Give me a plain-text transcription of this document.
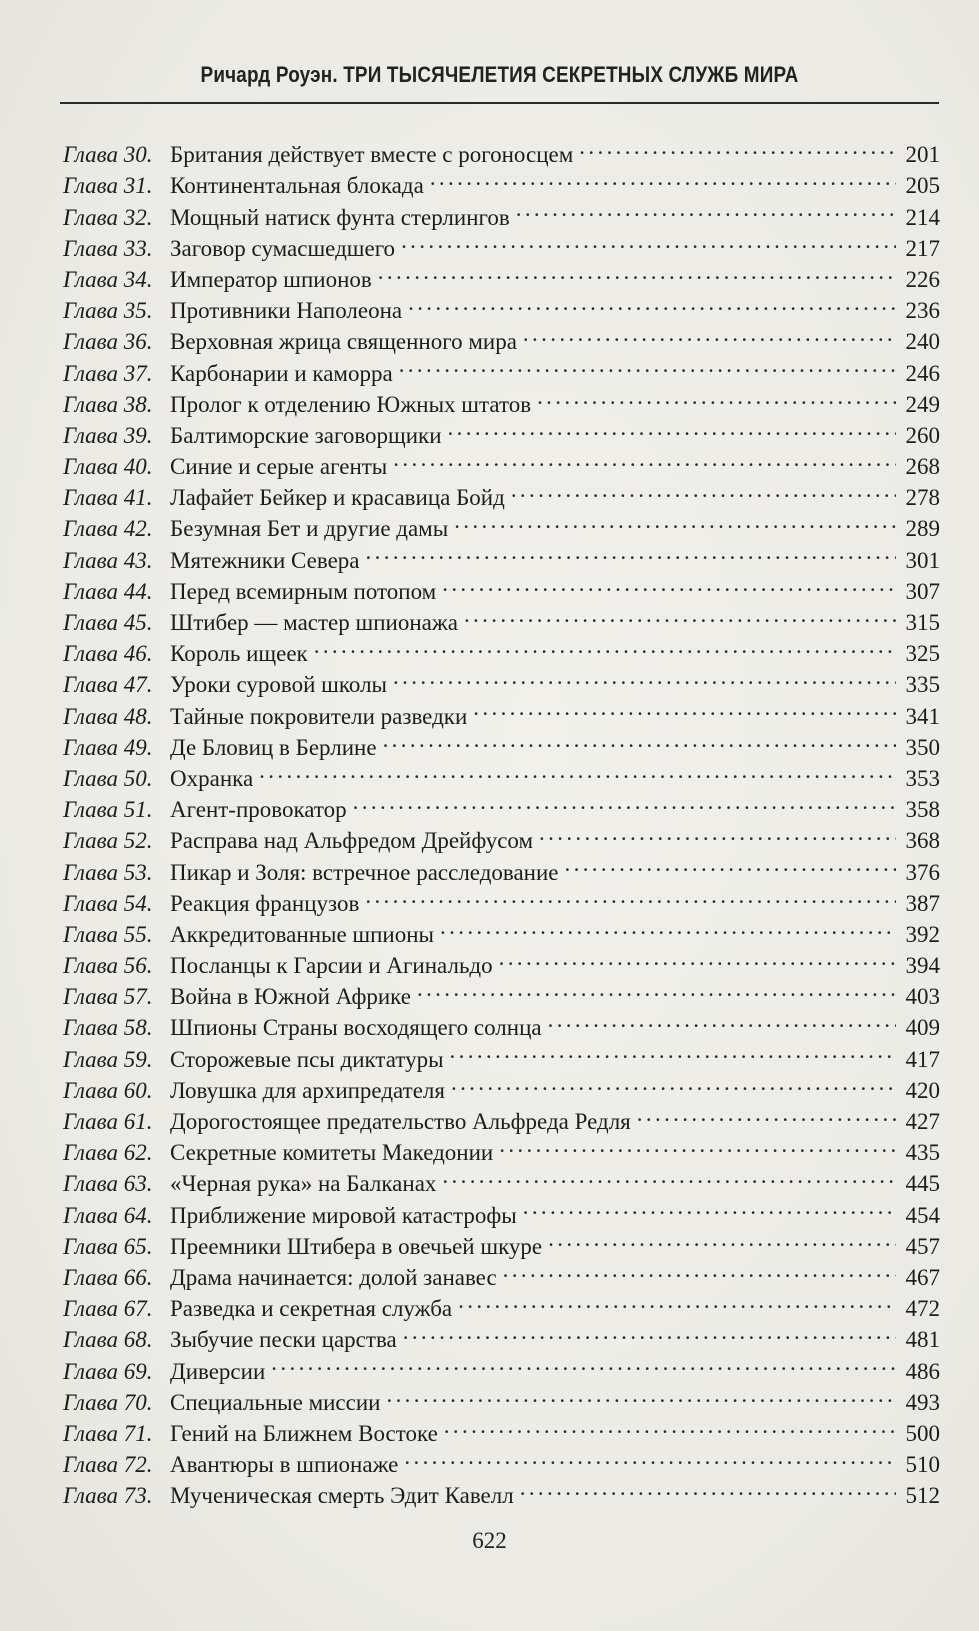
Ричард Роуэн. ТРИ ТЫСЯЧЕЛЕТИЯ СЕКРЕТНЫХ СЛУЖБ МИРА
Глава 30. Британия действует вместе с рогоносцем . . .	201
Глава 31. Континентальная блокада . . .	205
Глава 32. Мощный натиск фунта стерлингов . . .	214
Глава 33. Заговор сумасшедшего . . .	217
Глава 34. Император шпионов . . .	226
Глава 35. Противники Наполеона . . .	236
Глава 36. Верховная жрица священного мира . . .	240
Глава 37. Карбонарии и каморра . . .	246
Глава 38. Пролог к отделению Южных штатов . . .	249
Глава 39. Балтиморские заговорщики . . .	260
Глава 40. Синие и серые агенты . . .	268
Глава 41. Лафайет Бейкер и красавица Бойд . . .	278
Глава 42. Безумная Бет и другие дамы . . .	289
Глава 43. Мятежники Севера . . .	301
Глава 44. Перед всемирным потопом . . .	307
Глава 45. Штибер — мастер шпионажа . . .	315
Глава 46. Король ищеек . . .	325
Глава 47. Уроки суровой школы . . .	335
Глава 48. Тайные покровители разведки . . .	341
Глава 49. Де Бловиц в Берлине . . .	350
Глава 50. Охранка . . .	353
Глава 51. Агент-провокатор . . .	358
Глава 52. Расправа над Альфредом Дрейфусом . . .	368
Глава 53. Пикар и Золя: встречное расследование . . .	376
Глава 54. Реакция французов . . .	387
Глава 55. Аккредитованные шпионы . . .	392
Глава 56. Посланцы к Гарсии и Агинальдо . . .	394
Глава 57. Война в Южной Африке . . .	403
Глава 58. Шпионы Страны восходящего солнца . . .	409
Глава 59. Сторожевые псы диктатуры . . .	417
Глава 60. Ловушка для архипредателя . . .	420
Глава 61. Дорогостоящее предательство Альфреда Редля . . .	427
Глава 62. Секретные комитеты Македонии . . .	435
Глава 63. «Черная рука» на Балканах . . .	445
Глава 64. Приближение мировой катастрофы . . .	454
Глава 65. Преемники Штибера в овечьей шкуре . . .	457
Глава 66. Драма начинается: долой занавес . . .	467
Глава 67. Разведка и секретная служба . . .	472
Глава 68. Зыбучие пески царства . . .	481
Глава 69. Диверсии . . .	486
Глава 70. Специальные миссии . . .	493
Глава 71. Гений на Ближнем Востоке . . .	500
Глава 72. Авантюры в шпионаже . . .	510
Глава 73. Мученическая смерть Эдит Кавелл . . .	512
622
